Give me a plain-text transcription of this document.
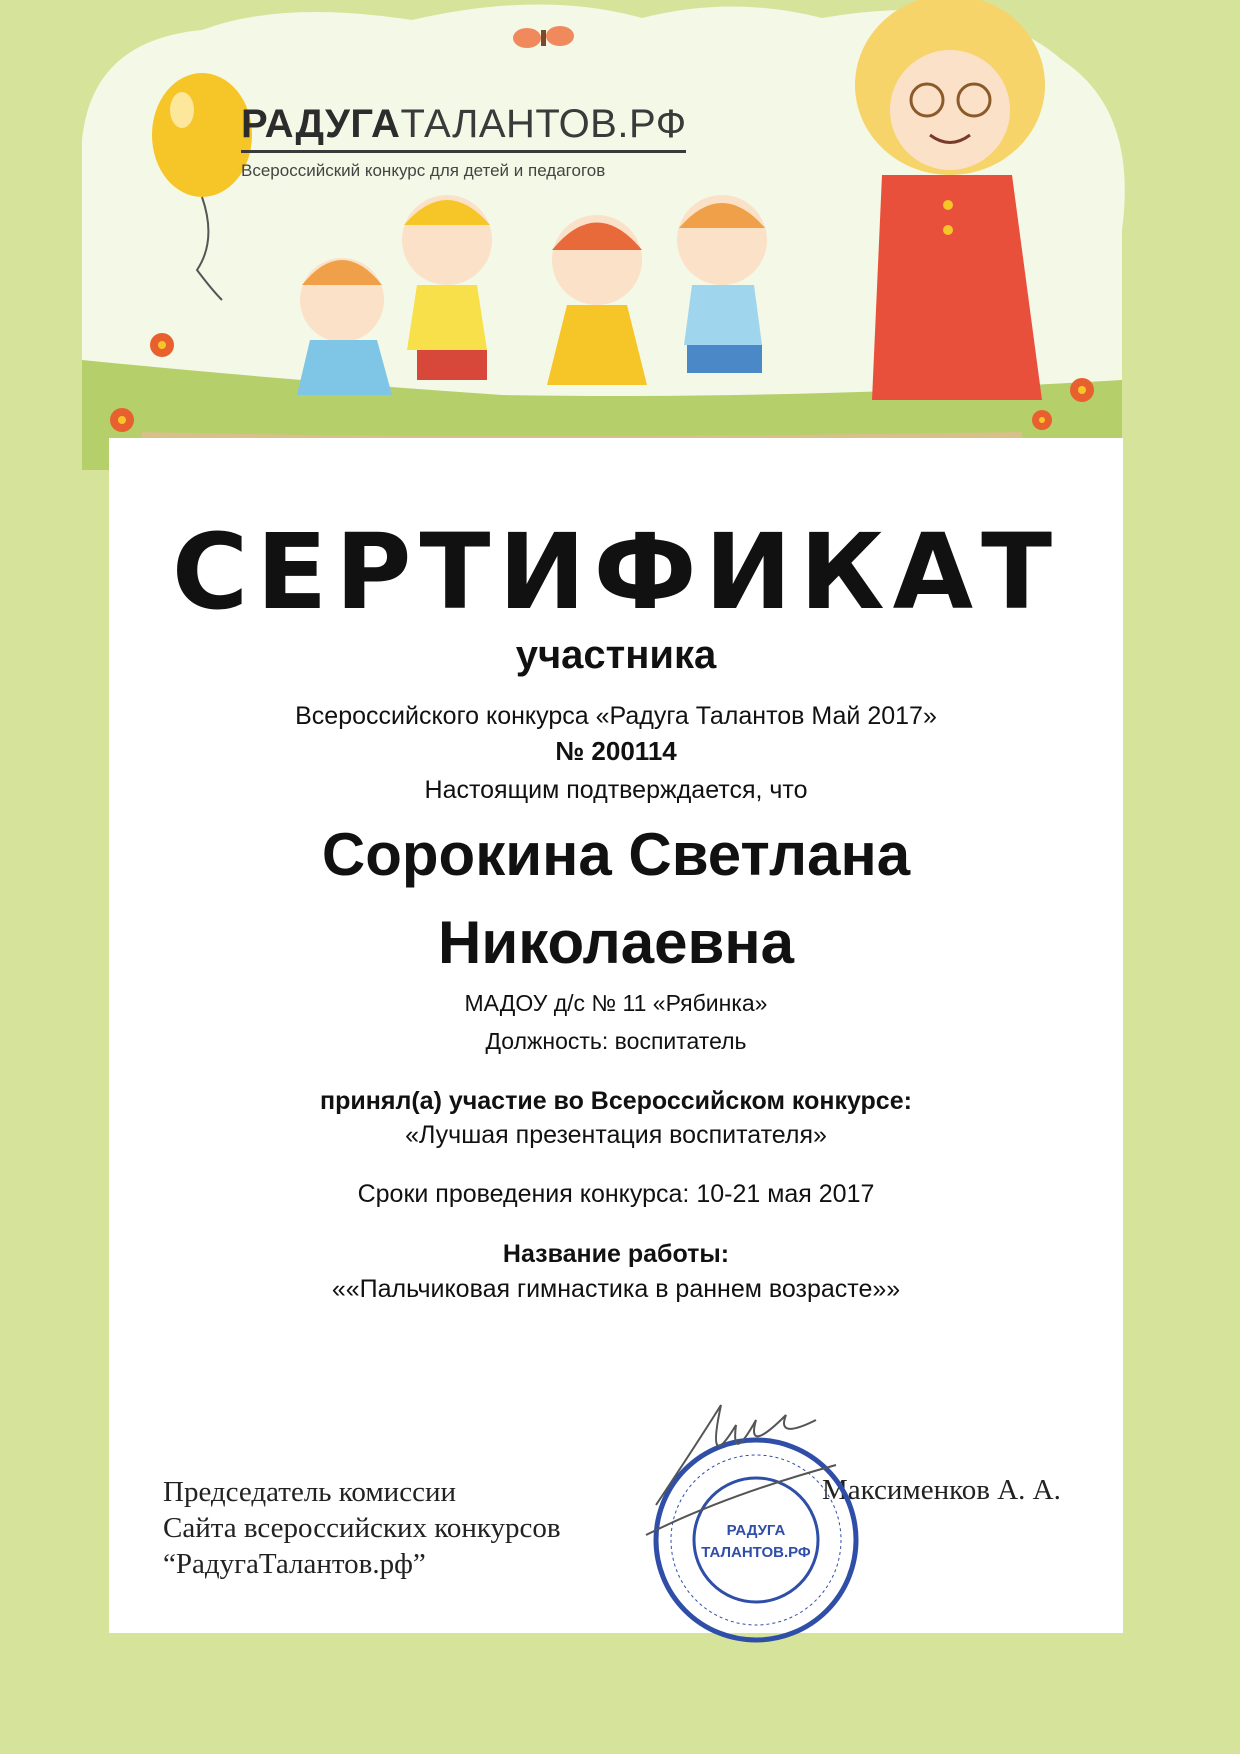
РАДУГАТАЛАНТОВ.РФ
Всероссийский конкурс для детей и педагогов
СЕРТИФИКАТ
участника
Всероссийского конкурса «Радуга Талантов Май 2017»
№ 200114
Настоящим подтверждается, что
Сорокина Светлана
Николаевна
МАДОУ д/с № 11 «Рябинка»
Должность: воспитатель
принял(а) участие во Всероссийском конкурсе:
«Лучшая презентация воспитателя»
Сроки проведения конкурса: 10-21 мая 2017
Название работы:
««Пальчиковая гимнастика в раннем возрасте»»
Председатель комиссии
Сайта всероссийских конкурсов
“РадугаТалантов.рф”
Максименков А. А.
РАДУГА
ТАЛАНТОВ.РФ
